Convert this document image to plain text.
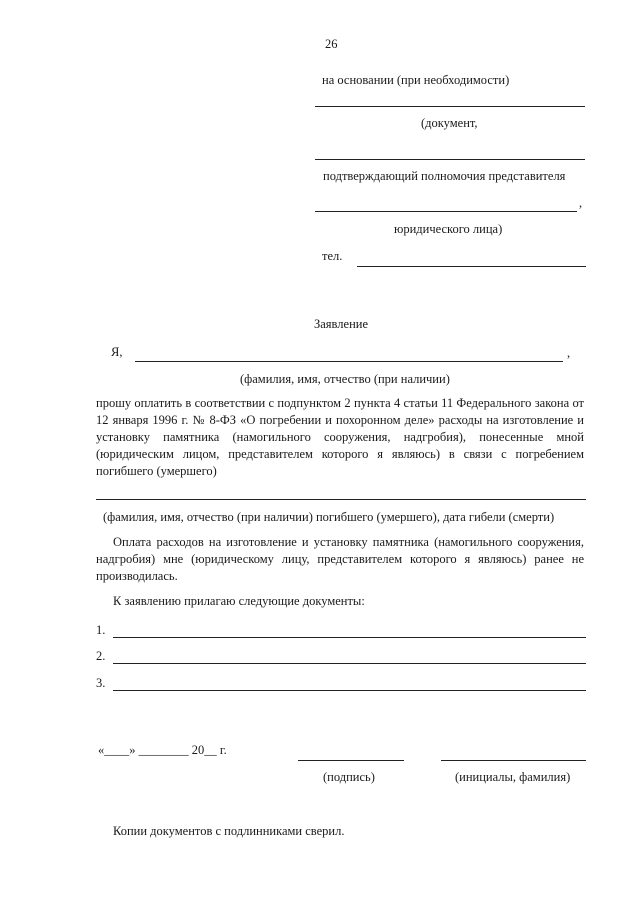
26
на основании (при необходимости)
(документ,
подтверждающий полномочия представителя
,
юридического лица)
тел.
Заявление
Я,	,
(фамилия, имя, отчество (при наличии)
прошу оплатить в соответствии с подпунктом 2 пункта 4 статьи 11 Федерального закона от 12 января 1996 г. № 8-ФЗ «О погребении и похоронном деле» расходы на изготовление и установку памятника (намогильного сооружения, надгробия), понесенные мной (юридическим лицом, представителем которого я являюсь) в связи с погребением погибшего (умершего)
(фамилия, имя, отчество (при наличии) погибшего (умершего), дата гибели (смерти)
Оплата расходов на изготовление и установку памятника (намогильного сооружения, надгробия) мне (юридическому лицу, представителем которого я являюсь) ранее не производилась.
К заявлению прилагаю следующие документы:
1.
2.
3.
«____» ________ 20__ г.
(подпись)	(инициалы, фамилия)
Копии документов с подлинниками сверил.
